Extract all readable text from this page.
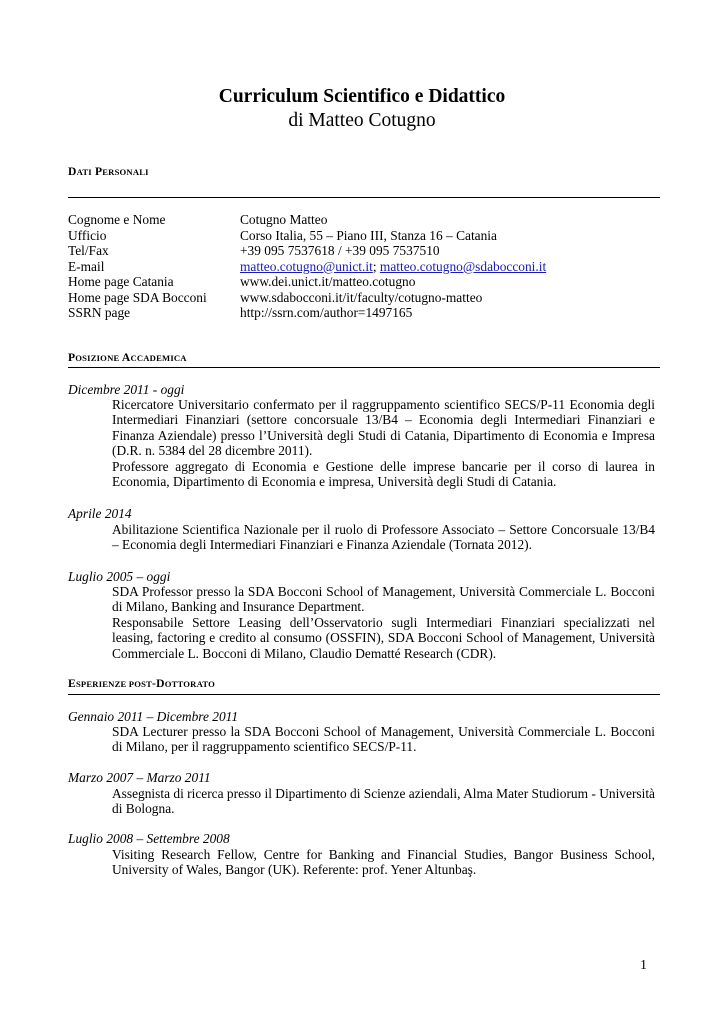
Curriculum Scientifico e Didattico
di Matteo Cotugno
DATI PERSONALI
Cognome e Nome	Cotugno Matteo
Ufficio	Corso Italia, 55 – Piano III, Stanza 16 – Catania
Tel/Fax	+39 095 7537618 / +39 095 7537510
E-mail	matteo.cotugno@unict.it; matteo.cotugno@sdabocconi.it
Home page Catania	www.dei.unict.it/matteo.cotugno
Home page SDA Bocconi www.sdabocconi.it/it/faculty/cotugno-matteo
SSRN page	http://ssrn.com/author=1497165
POSIZIONE ACCADEMICA
Dicembre 2011 - oggi

Ricercatore Universitario confermato per il raggruppamento scientifico SECS/P-11 Economia degli Intermediari Finanziari (settore concorsuale 13/B4 – Economia degli Intermediari Finanziari e Finanza Aziendale) presso l’Università degli Studi di Catania, Dipartimento di Economia e Impresa (D.R. n. 5384 del 28 dicembre 2011).

Professore aggregato di Economia e Gestione delle imprese bancarie per il corso di laurea in Economia, Dipartimento di Economia e impresa, Università degli Studi di Catania.

Aprile 2014

Abilitazione Scientifica Nazionale per il ruolo di Professore Associato – Settore Concorsuale 13/B4 – Economia degli Intermediari Finanziari e Finanza Aziendale (Tornata 2012).

Luglio 2005 – oggi

SDA Professor presso la SDA Bocconi School of Management, Università Commerciale L. Bocconi di Milano, Banking and Insurance Department.

Responsabile Settore Leasing dell’Osservatorio sugli Intermediari Finanziari specializzati nel leasing, factoring e credito al consumo (OSSFIN), SDA Bocconi School of Management, Università Commerciale L. Bocconi di Milano, Claudio Dematté Research (CDR).

ESPERIENZE POST-DOTTORATO
Gennaio 2011 – Dicembre 2011

SDA Lecturer presso la SDA Bocconi School of Management, Università Commerciale L. Bocconi di Milano, per il raggruppamento scientifico SECS/P-11.

Marzo 2007 – Marzo 2011

Assegnista di ricerca presso il Dipartimento di Scienze aziendali, Alma Mater Studiorum - Università di Bologna.

Luglio 2008 – Settembre 2008

Visiting Research Fellow, Centre for Banking and Financial Studies, Bangor Business School, University of Wales, Bangor (UK). Referente: prof. Yener Altunbaş.

1
